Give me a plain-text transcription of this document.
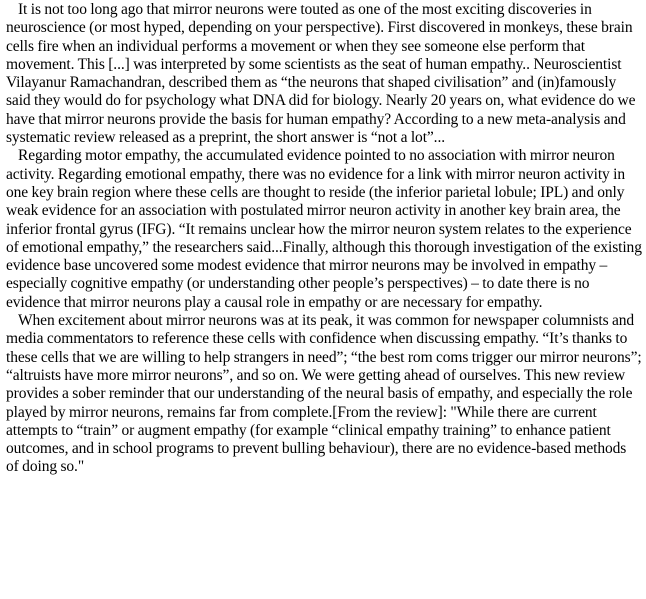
It is not too long ago that mirror neurons were touted as one of the most exciting discoveries in neuroscience (or most hyped, depending on your perspective). First discovered in monkeys, these brain cells fire when an individual performs a movement or when they see someone else perform that movement. This [...] was interpreted by some scientists as the seat of human empathy.. Neuroscientist Vilayanur Ramachandran, described them as “the neurons that shaped civilisation” and (in)famously said they would do for psychology what DNA did for biology. Nearly 20 years on, what evidence do we have that mirror neurons provide the basis for human empathy? According to a new meta-analysis and systematic review released as a preprint, the short answer is “not a lot”...

Regarding motor empathy, the accumulated evidence pointed to no association with mirror neuron activity. Regarding emotional empathy, there was no evidence for a link with mirror neuron activity in one key brain region where these cells are thought to reside (the inferior parietal lobule; IPL) and only weak evidence for an association with postulated mirror neuron activity in another key brain area, the inferior frontal gyrus (IFG). “It remains unclear how the mirror neuron system relates to the experience of emotional empathy,” the researchers said...Finally, although this thorough investigation of the existing evidence base uncovered some modest evidence that mirror neurons may be involved in empathy – especially cognitive empathy (or understanding other people’s perspectives) – to date there is no evidence that mirror neurons play a causal role in empathy or are necessary for empathy.

When excitement about mirror neurons was at its peak, it was common for newspaper columnists and media commentators to reference these cells with confidence when discussing empathy. “It’s thanks to these cells that we are willing to help strangers in need”; “the best rom coms trigger our mirror neurons”; “altruists have more mirror neurons”, and so on. We were getting ahead of ourselves. This new review provides a sober reminder that our understanding of the neural basis of empathy, and especially the role played by mirror neurons, remains far from complete.[From the review]: "While there are current attempts to “train” or augment empathy (for example “clinical empathy training” to enhance patient outcomes, and in school programs to prevent bulling behaviour), there are no evidence-based methods of doing so."
